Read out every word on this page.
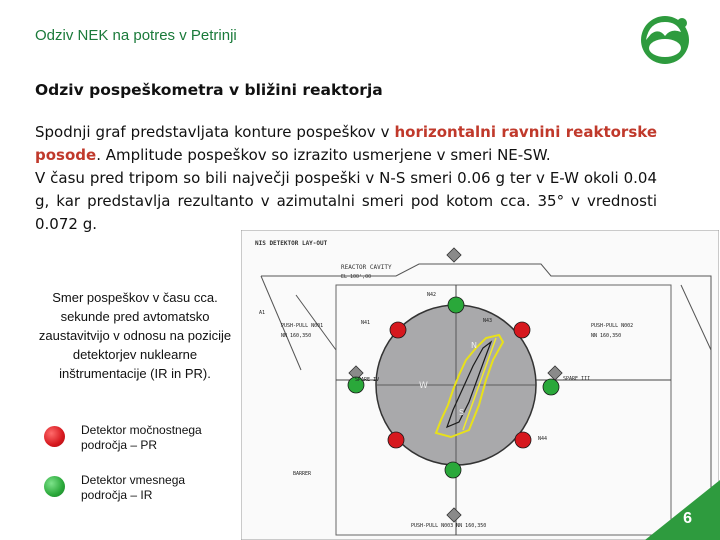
Odziv NEK na potres v Petrinji
Odziv pospeškometra v bližini reaktorja
Spodnji graf predstavljata konture pospeškov v horizontalni ravnini reaktorske posode. Amplitude pospeškov so izrazito usmerjene v smeri NE-SW.
V času pred tripom so bili največji pospeški v N-S smeri 0.06 g ter v E-W okoli 0.04 g, kar predstavlja rezultanto v azimutalni smeri pod kotom cca. 35° v vrednosti 0.072 g.
Smer pospeškov v času cca. sekunde pred avtomatsko zaustavitvijo v odnosu na pozicije detektorjev nuklearne inštrumentacije (IR in PR).
Detektor močnostnega področja – PR
Detektor vmesnega področja – IR
NIS DETEKTOR LAY-OUT
REACTOR CAVITY
EL 100',00
W
S
N
N42
N43
N41
N44
SPARE IV	SPARE III
PUSH-PULL N001
NN 160,350
PUSH-PULL N002
NN 160,350
PUSH-PULL N003 NN 160,350
BARRER
A1
6
